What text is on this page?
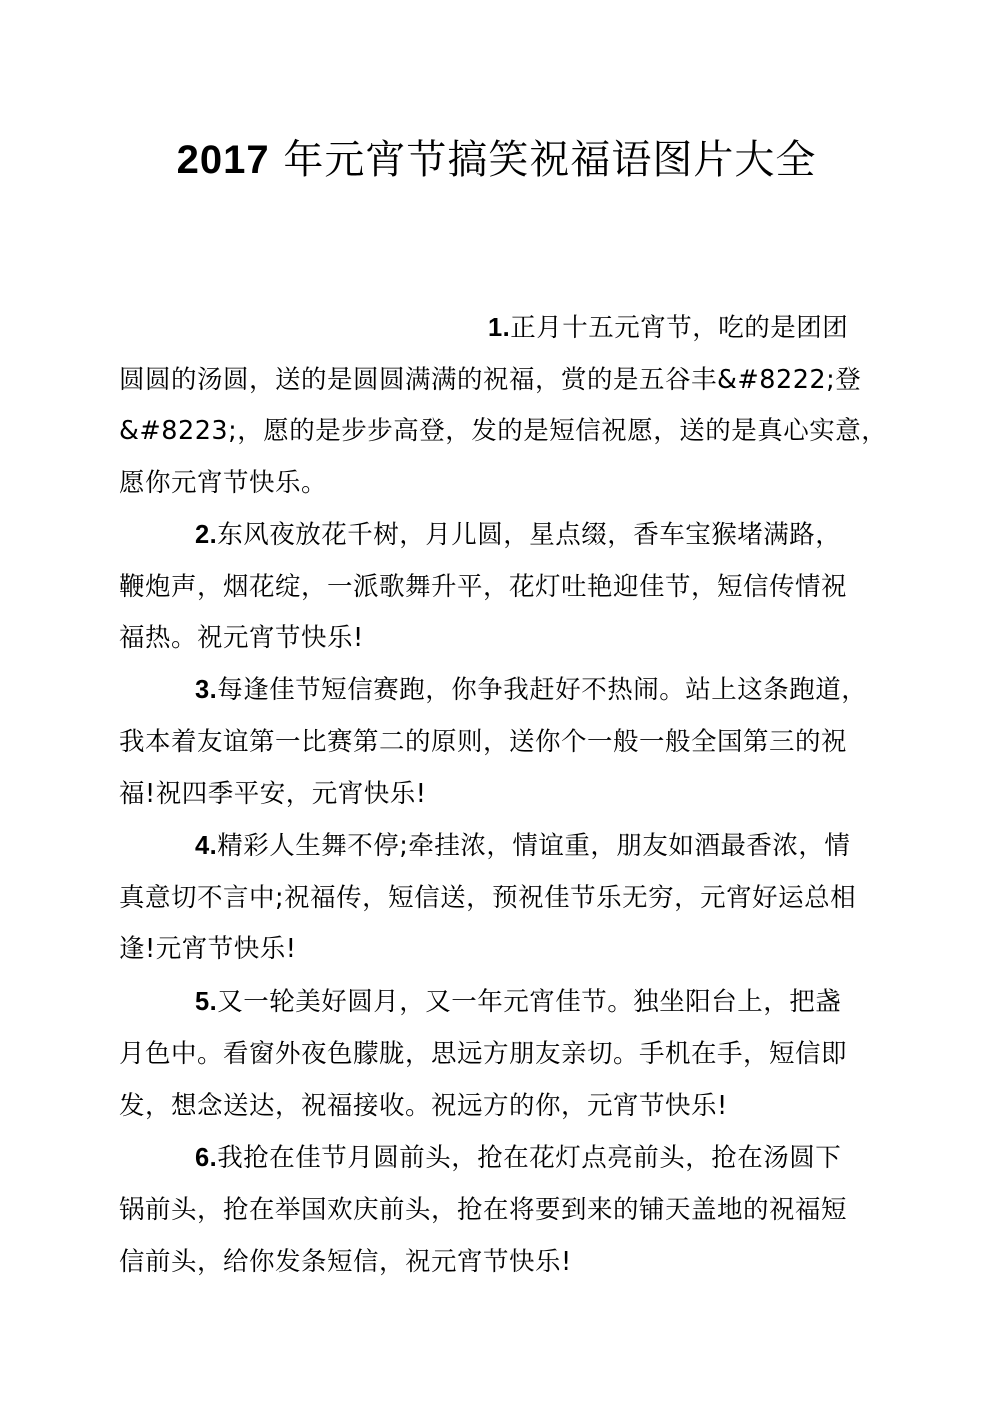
2017 年元宵节搞笑祝福语图片大全
1.正月十五元宵节，吃的是团团
圆圆的汤圆，送的是圆圆满满的祝福，赏的是五谷丰&#8222;登
&#8223;，愿的是步步高登，发的是短信祝愿，送的是真心实意，
愿你元宵节快乐。
2.东风夜放花千树，月儿圆，星点缀，香车宝猴堵满路，
鞭炮声，烟花绽，一派歌舞升平，花灯吐艳迎佳节，短信传情祝
福热。祝元宵节快乐!
3.每逢佳节短信赛跑，你争我赶好不热闹。站上这条跑道，
我本着友谊第一比赛第二的原则，送你个一般一般全国第三的祝
福!祝四季平安，元宵快乐!
4.精彩人生舞不停;牵挂浓，情谊重，朋友如酒最香浓，情
真意切不言中;祝福传，短信送，预祝佳节乐无穷，元宵好运总相
逢!元宵节快乐!
5.又一轮美好圆月，又一年元宵佳节。独坐阳台上，把盏
月色中。看窗外夜色朦胧，思远方朋友亲切。手机在手，短信即
发，想念送达，祝福接收。祝远方的你，元宵节快乐!
6.我抢在佳节月圆前头，抢在花灯点亮前头，抢在汤圆下
锅前头，抢在举国欢庆前头，抢在将要到来的铺天盖地的祝福短
信前头，给你发条短信，祝元宵节快乐!
